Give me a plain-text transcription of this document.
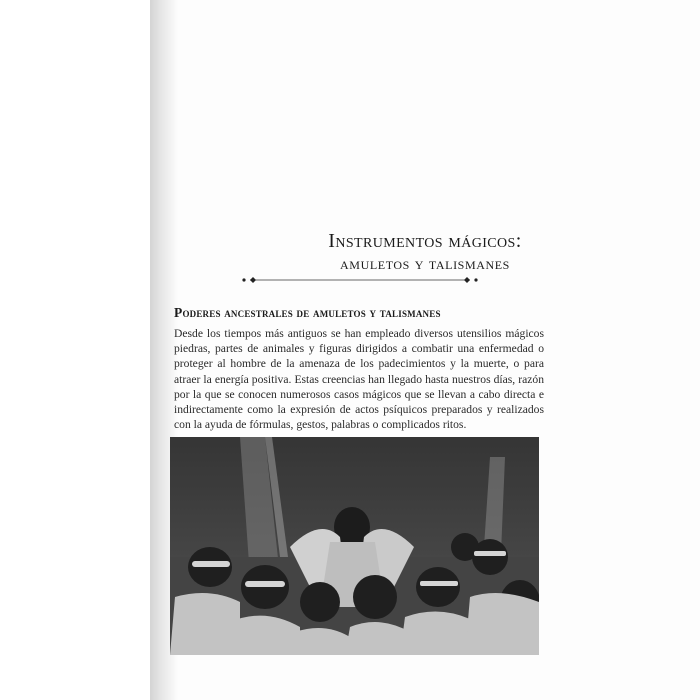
Instrumentos mágicos:
amuletos y talismanes
Poderes ancestrales de amuletos y talismanes

Desde los tiempos más antiguos se han empleado diversos utensilios mágicos piedras, partes de animales y figuras dirigidos a combatir una enfermedad o proteger al hombre de la amenaza de los padecimientos y la muerte, o para atraer la energía positiva. Estas creencias han llegado hasta nuestros días, razón por la que se conocen numerosos casos mágicos que se llevan a cabo directa e indirectamente como la expresión de actos psíquicos preparados y realizados con la ayuda de fórmulas, gestos, palabras o complicados ritos.
